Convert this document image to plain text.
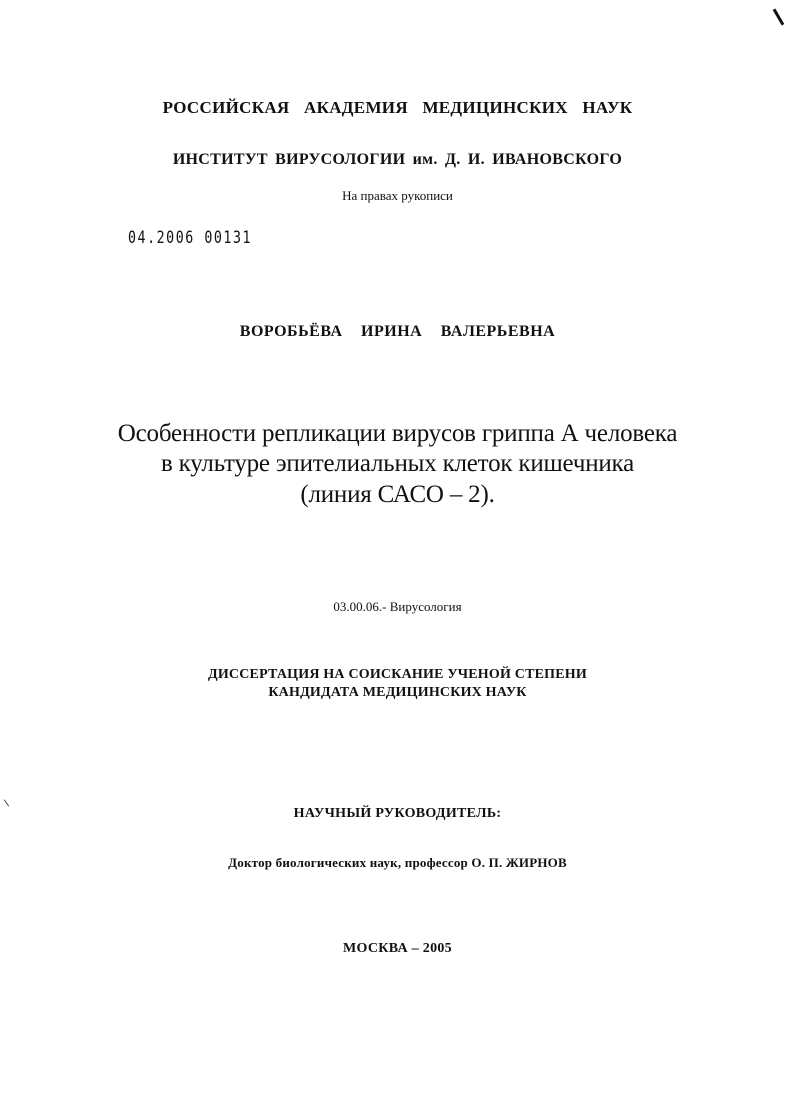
РОССИЙСКАЯ АКАДЕМИЯ МЕДИЦИНСКИХ НАУК
ИНСТИТУТ ВИРУСОЛОГИИ им. Д. И. ИВАНОВСКОГО
На правах рукописи
04.2006 00131
ВОРОБЬЁВА ИРИНА ВАЛЕРЬЕВНА
Особенности репликации вирусов гриппа А человека
в культуре эпителиальных клеток кишечника
(линия САСО – 2).
03.00.06.- Вирусология
ДИССЕРТАЦИЯ НА СОИСКАНИЕ УЧЕНОЙ СТЕПЕНИ
КАНДИДАТА МЕДИЦИНСКИХ НАУК
НАУЧНЫЙ РУКОВОДИТЕЛЬ:
Доктор биологических наук, профессор О. П. ЖИРНОВ
МОСКВА – 2005
